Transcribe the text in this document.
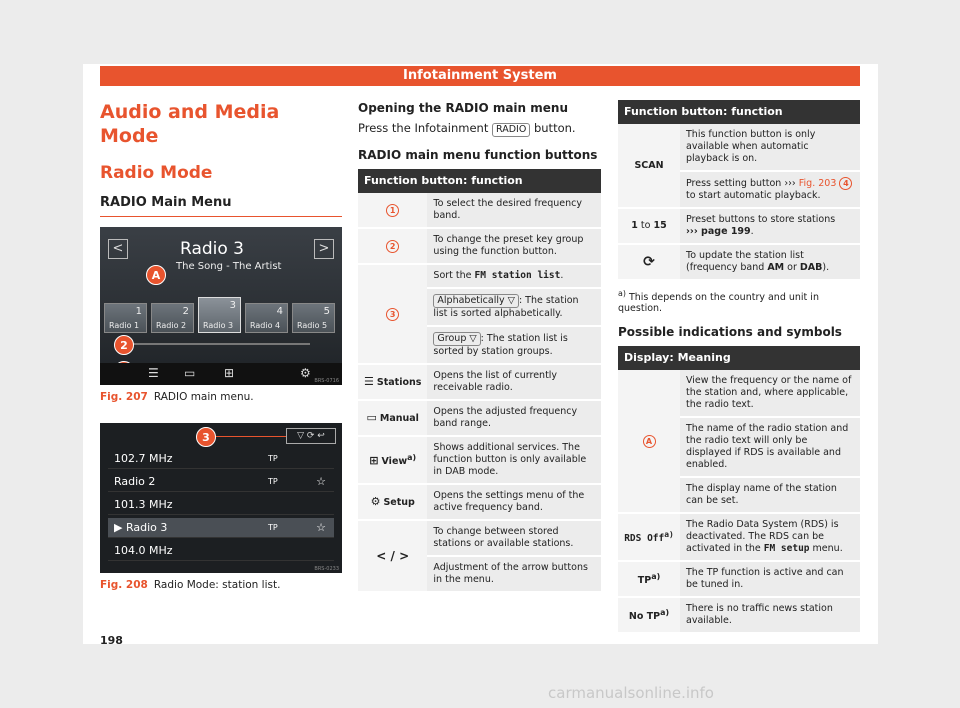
Infotainment System
Audio and Media Mode
Radio Mode
RADIO Main Menu
<	>
Radio 3
The Song - The Artist
A
1
Radio 1
2
Radio 2
3
Radio 3
4
Radio 4
5
Radio 5
2
☰ ▭ ⊞	⚙
BRS-0716
Fig. 207 RADIO main menu.
3	▽ ⟳ ↩
102.7 MHz	TP
Radio 2	TP	☆
101.3 MHz
▶ Radio 3	TP	☆
104.0 MHz
BRS-0233
Fig. 208 Radio Mode: station list.
Opening the RADIO main menu
Press the Infotainment RADIO button.
RADIO main menu function buttons
Function button: function	
1	To select the desired frequency band.
2	To change the preset key group using the function button.
3	Sort the FM station list.
	Alphabetically ▽ : The station list is sorted alphabetically.
	Group ▽ : The station list is sorted by station groups.
☰ Stations	Opens the list of currently receivable radio.
▭ Manual	Opens the adjusted frequency band range.
⊞ View$^{a)}$	Shows additional services. The function button is only available in DAB mode.
⚙ Setup	Opens the settings menu of the active frequency band.
< / >	To change between stored stations or available stations.
	Adjustment of the arrow buttons in the menu.
Function button: function	
SCAN	This function button is only available when automatic playback is on.
	Press setting button ››› Fig. 203 4 to start automatic playback.
1 to 15	Preset buttons to store stations
››› page 199.
⟳	To update the station list (frequency band AM or DAB).
$^{a)}$ This depends on the country and unit in question.
Possible indications and symbols
Display: Meaning	
A	View the frequency or the name of the station and, where applicable, the radio text.
	The name of the radio station and the radio text will only be displayed if RDS is available and enabled.
	The display name of the station can be set.
RDS Off$^{a)}$	The Radio Data System (RDS) is deactivated. The RDS can be activated in the FM setup menu.
TP$^{a)}$	The TP function is active and can be tuned in.
No TP$^{a)}$	There is no traffic news station available.
198
carmanualsonline.info
